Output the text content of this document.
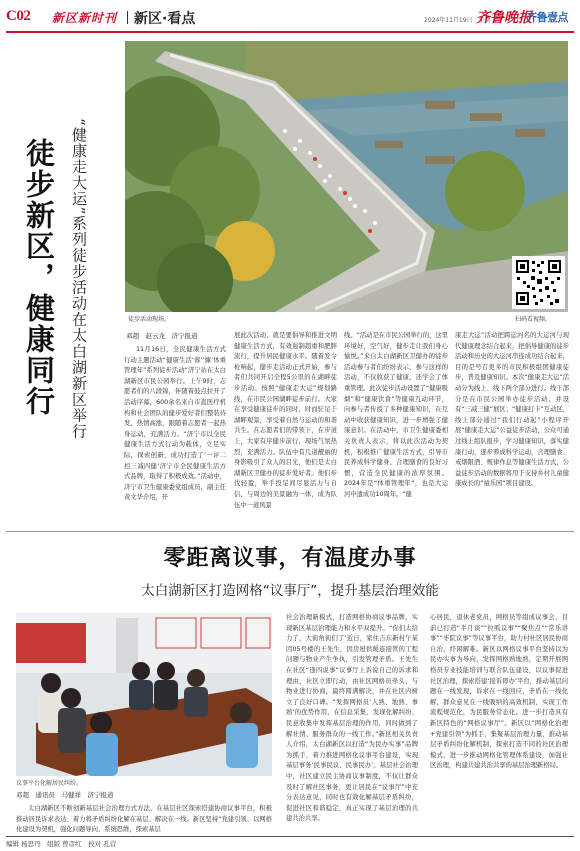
C02 新区新时刊 新区·看点	2024年11月19日　星期二
齐鲁晚报
齐鲁壹点
徒步新区，健康同行 “健康走大运”系列徒步活动在太白湖新区举行	徒步活动现场。	扫码看视频。
邓超　赵云龙　济宁报道
11月16日，全民健康生活方式行动主题活动“健康生活‘蓉’‘慷’体重管理年”系列徒步活动“济宁站在太白湖新区市民公园举行。上午9时，志愿者们的八段锦，伴随着鼓点拉开了活动序幕，600余名来自市直医疗机构和社会团队的健步爱好者们整装待发，热情高涨，跟随着志愿者一起热身运动，充满活力。“济宁市以全民健康生活方式行动为载体，立足实际，探索创新，成功打造了‘一评二控三减四健’济宁市全民健康生活方式品牌，取得了积极成效。”活动中，济宁市卫生健康委党组成员，副主任黄文华介绍，开
展此次活动，就是要倡导和推进文明健康生活方式，有效遏制超重和肥胖流行，提升居民健康水平。随着发令枪响起，健步走活动正式开始，参与者们共同开启全程5公里的在湖畔徒步活动。按照“健康走大运”规划路线，在市民公园湖畔徒步前行。大家在享受健康徒步的同时，时而驻足于湖畔观景，享受着自然与运动的和谐共生。在志愿者们的带领下，在步道上，大家有序健步前行，现场气氛热烈，充满活力。队伍中有几道靓丽的身影吸引了众人的目光，他们是太白湖新区卫健办的徒步爱好者。他们步伐轻盈，举手投足间尽显活力与自信，与周边的美景融为一体，成为队伍中一道风景
线。“活动是在市民公园举行的，这里环境好，空气好，健步走让我们身心愉悦。”来自太白湖新区卫健办的徒步活动参与者们纷纷表示，参与这样的活动，不仅收获了健康，还学会了体重管理。此次徒步活动设置了“健康吸烟”和“健康饮食”等健康互动环节，向参与者传授了多种健康知识，在互动中收获健康知识，进一步增强了健康意识。在活动中，市卫生健康委相关负责人表示，将以此次活动为契机，积极推广健康生活方式，引导市民养成科学健身、合理膳食的良好习惯，营造全民健康的浓厚氛围。2024年是“体重管理年”，也是大运河申遗成功10周年。“健
康走大运”活动把跨运河名的大运河与现代健康理念结合起来，把倡导健康的徒步活动和历史的大运河串连成功结合起来，目的是号召更多的市民积极组团健康徒步，普及健康知识。本次“健康走大运”活动分为线上、线下两个部分进行。线下部分是在市民公园举办徒步活动，并设有“三减三健”展区；“健康打卡”互动区，线上部分通过“我们行动起”小程序开展“健康走大运”公益徒步活动，公众可通过线上组队报步，学习健康知识，落实健康行动，逐步养成科学运动，合理膳食、戒烟限酒、规律作息等健康生活方式，公益徒步活动的数据将用于支持乡村儿童健康成长的“童乐园”项目建设。
零距离议事，有温度办事
太白湖新区打造网格“议事厅”，提升基层治理效能
议事平台化解居民纠纷。
邓超　通讯员　马健祥　济宁报道
太白湖新区不断创新基层社会治理方式方法，在基层社区探索搭建协商议事平台，积极推动居民诉求表达、着力将矛盾纠纷化解在基层、解决在一线。新区坚持“党建引领、以网格化建设为契机，强化问题导向、系统思维，探索基层
社会治理新模式，打造网格协商议事品牌，实现新区基层治理能力和水平双提升。“你们太给力了，大街角街们了‘近日，家住吉东新村午某因05号楼的王先生，因房屋供暖连接管的工程问题与物业产生争执，引发管理矛盾。王先生在社区“逢四说事”议事厅上诉说自己的诉求和理由，社区立即行动，由社区网格员牵头，与物业进行协商，最终圆满解决，并在社区内树立了良好口碑。“发挥网格员‘人熟、地熟、事熟’的优势作用，在信息采集、发现化解纠纷、民意收集中发挥基层治理的作用，同时做到了解社情、服务群众的一线工作。”新区相关负责人介绍，太白湖新区以打造“为民办实事”品牌为抓手，着力推进网格化议事平台建设，实现基层事务‘民事民议、民事民办’。基层社会治理中，社区建立民主协商议事制度，不仅让群众及时了解社区事务，更让居民在“议事厅”中充分表达意见，同时也有效化解基层矛盾纠纷，促进社区和谐稳定，真正实现了基层治理的共建共治共享。
心居民，退休老党员，网格员等组成议事会，目前已打造“半月谈”“拉呱议事”“聚焦点”“常乐讲事”“枣院议事”等议事平台，助力村社区居民协商自治，纾困解难。新区以网格议事平台坚持以为民办实事为导向，发挥网格熟地熟，定期开展网格员专业技能培训与联合队伍建设，以议事促进社区治理，探索搭建‘接诉即办’平台，推动基层问题在一线发现，诉求在一线回应，矛盾在一线化解，群众意见在一线吸纳的高效机制，实现工作流程规范化，为民服务常态化。进一步打造具有新区特色的“网格议事厅”。新区以“网格化治理+党建引领”为抓手，集聚基层治理力量，推动基层矛盾纠纷化解机制，探索打造不同的社区治理模式，进一步推动网格化管理体系建设，加强社区治理，构建共建共治共享的基层治理新格局。
编辑 杨思丹　组版 曾彦红　校对 孔营
